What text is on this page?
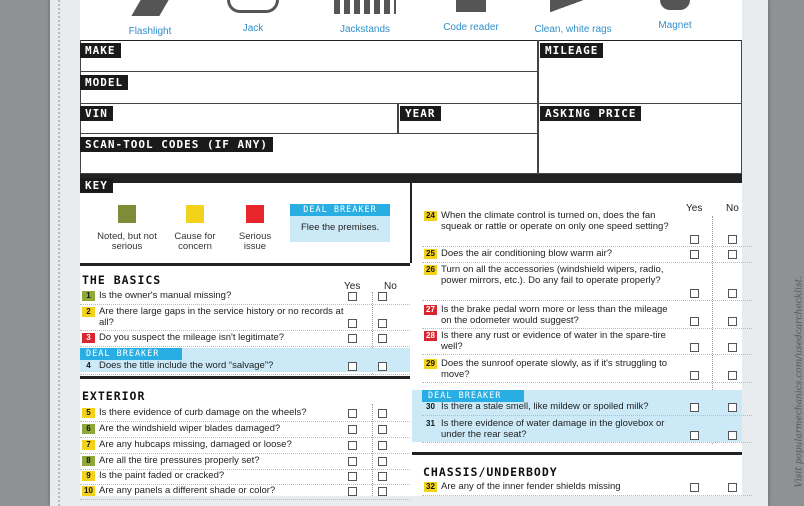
Visit popularmechanics.com/usedcarchecklist.
Flashlight	Jack	Jackstands	Code reader	Clean, white rags	Magnet
MAKE	MILEAGE
MODEL
VIN	YEAR	ASKING PRICE
SCAN-TOOL CODES (IF ANY)
KEY
Noted, but not serious
Cause for concern
Serious issue
DEAL BREAKER
Flee the premises.
Yes No
THE BASICS	Yes No
DEAL BREAKER
EXTERIOR
CHASSIS/UNDERBODY
DEAL BREAKER
1 Is the owner's manual missing?
2 Are there large gaps in the service history or no records at all?
3 Do you suspect the mileage isn't legitimate?
4 Does the title include the word “salvage”?
5 Is there evidence of curb damage on the wheels?
6 Are the windshield wiper blades damaged?
7 Are any hubcaps missing, damaged or loose?
8 Are all the tire pressures properly set?
9 Is the paint faded or cracked?
10 Are any panels a different shade or color?
24 When the climate control is turned on, does the fan squeak or rattle or operate on only one speed setting?
25 Does the air conditioning blow warm air?
26 Turn on all the accessories (windshield wipers, radio, power mirrors, etc.). Do any fail to operate properly?
27 Is the brake pedal worn more or less than the mileage on the odometer would suggest?
28 Is there any rust or evidence of water in the spare-tire well?
29 Does the sunroof operate slowly, as if it's struggling to move?
30 Is there a stale smell, like mildew or spoiled milk?
31 Is there evidence of water damage in the glovebox or under the rear seat?
32 Are any of the inner fender shields missing
